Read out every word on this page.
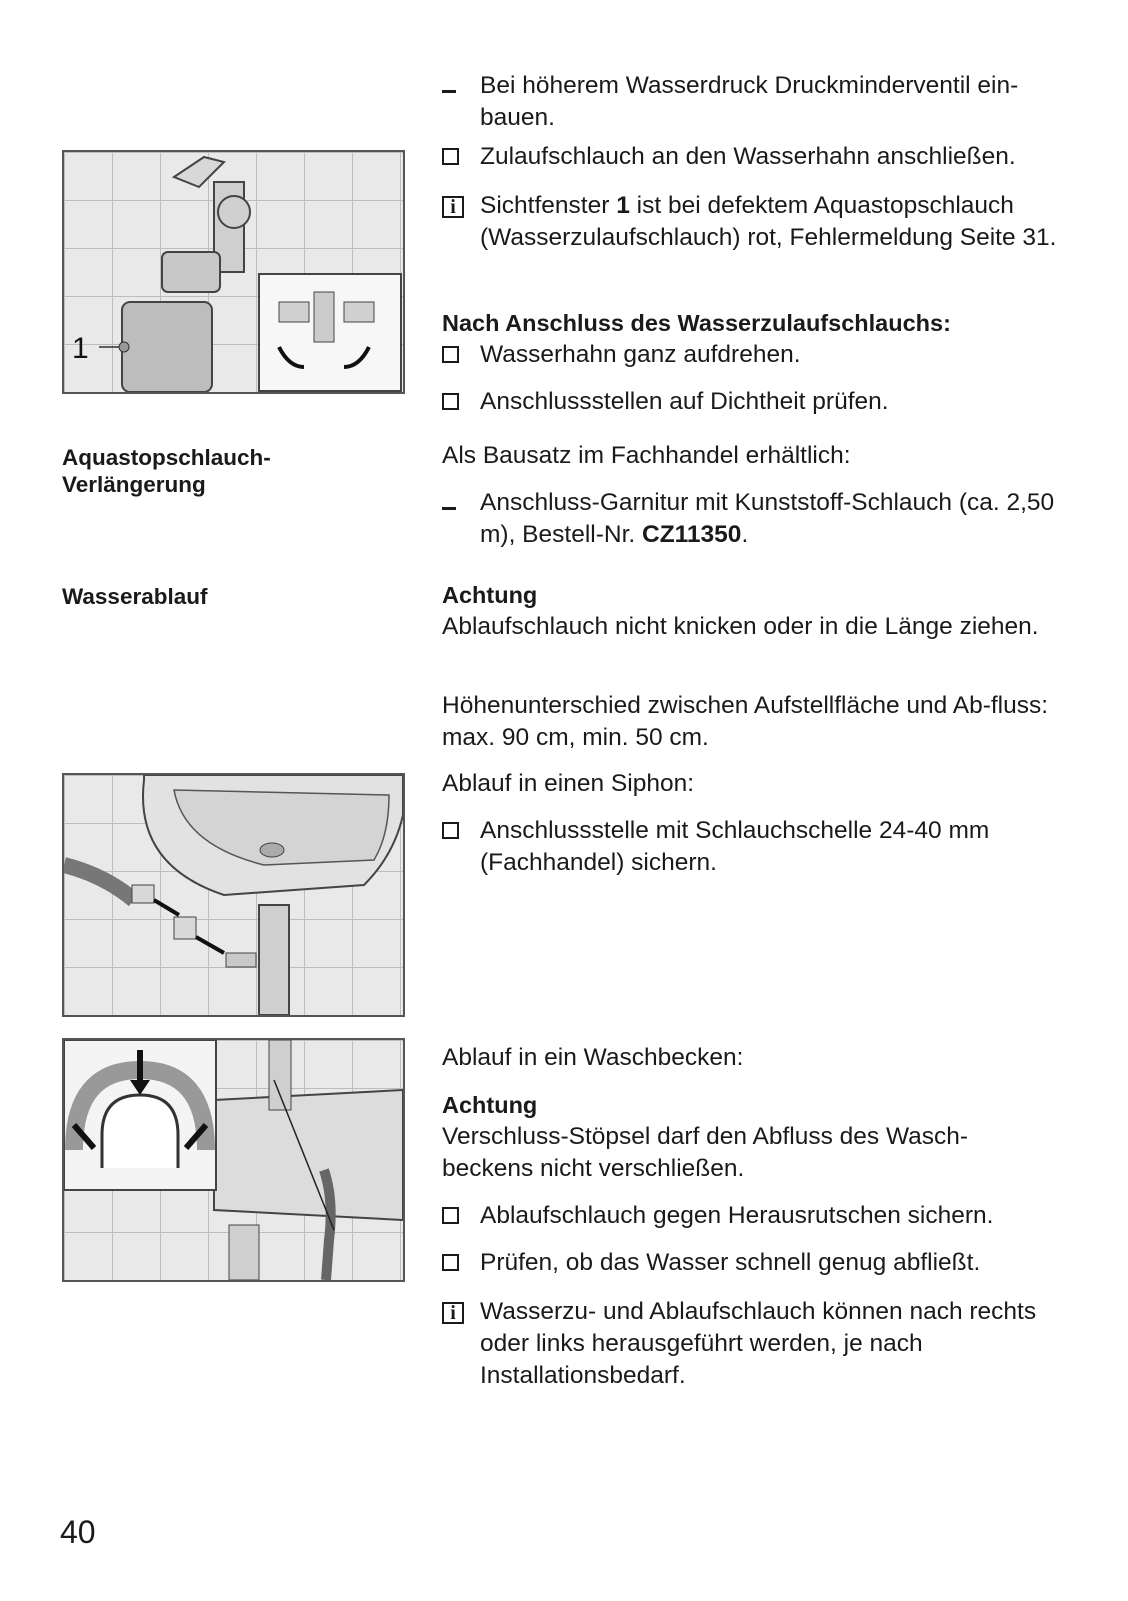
Bei höherem Wasserdruck Druckminderventil ein-bauen.
Zulaufschlauch an den Wasserhahn anschließen.
i Sichtfenster 1 ist bei defektem Aquastopschlauch (Wasserzulaufschlauch) rot, Fehlermeldung Seite 31.
Nach Anschluss des Wasserzulaufschlauchs:
Wasserhahn ganz aufdrehen.
Anschlussstellen auf Dichtheit prüfen.
Als Bausatz im Fachhandel erhältlich:
Anschluss-Garnitur mit Kunststoff-Schlauch (ca. 2,50 m), Bestell-Nr. CZ11350.
Achtung
Ablaufschlauch nicht knicken oder in die Länge ziehen.
Höhenunterschied zwischen Aufstellfläche und Ab-fluss: max. 90 cm, min. 50 cm.
Ablauf in einen Siphon:
Anschlussstelle mit Schlauchschelle 24-40 mm (Fachhandel) sichern.
Ablauf in ein Waschbecken:
Achtung
Verschluss-Stöpsel darf den Abfluss des Wasch-beckens nicht verschließen.
Ablaufschlauch gegen Herausrutschen sichern.
Prüfen, ob das Wasser schnell genug abfließt.
i Wasserzu- und Ablaufschlauch können nach rechts oder links herausgeführt werden, je nach Installationsbedarf.
Aquastopschlauch-Verlängerung
Wasserablauf
1
40
